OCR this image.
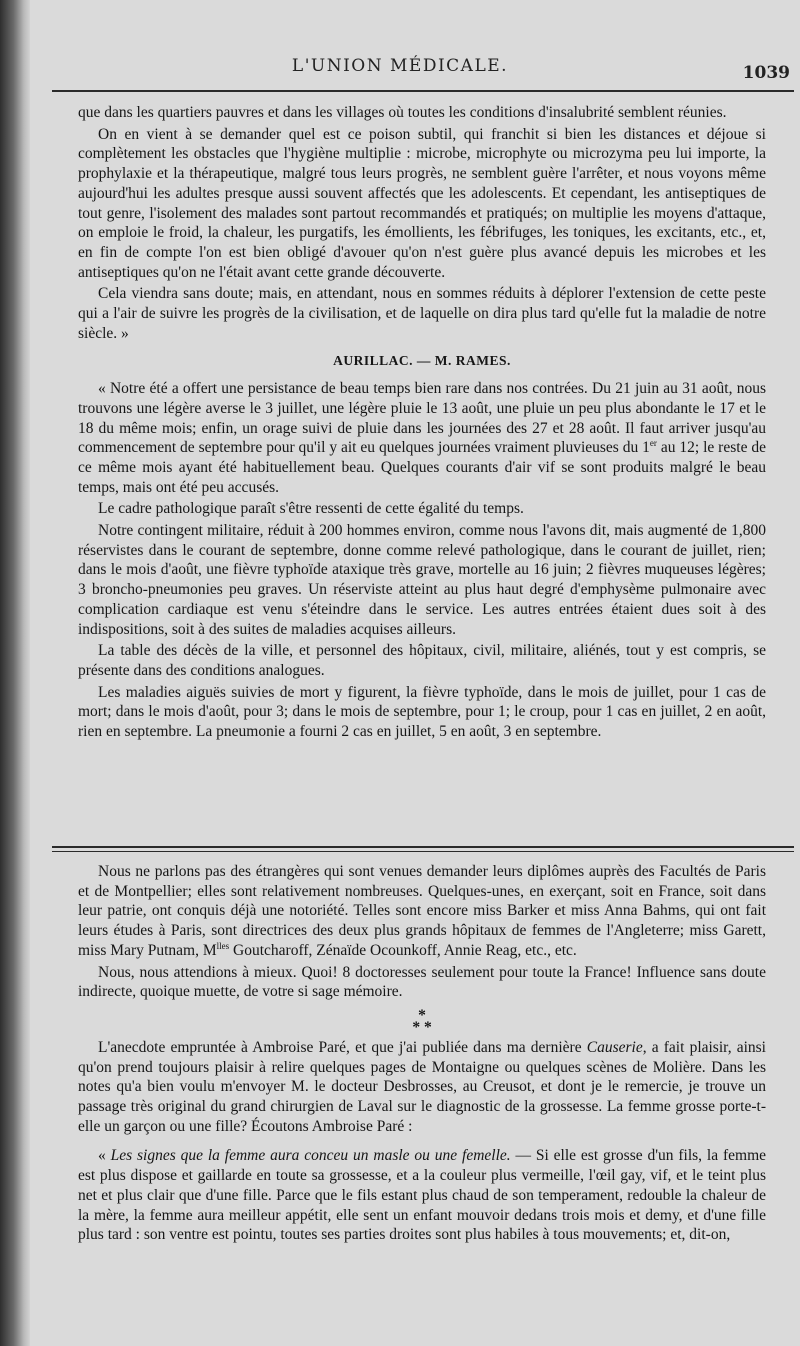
L'UNION MÉDICALE.	1039

que dans les quartiers pauvres et dans les villages où toutes les conditions d'insalubrité semblent réunies.

On en vient à se demander quel est ce poison subtil, qui franchit si bien les distances et déjoue si complètement les obstacles que l'hygiène multiplie : microbe, microphyte ou microzyma peu lui importe, la prophylaxie et la thérapeutique, malgré tous leurs progrès, ne semblent guère l'arrêter, et nous voyons même aujourd'hui les adultes presque aussi souvent affectés que les adolescents. Et cependant, les antiseptiques de tout genre, l'isolement des malades sont partout recommandés et pratiqués; on multiplie les moyens d'attaque, on emploie le froid, la chaleur, les purgatifs, les émollients, les fébrifuges, les toniques, les excitants, etc., et, en fin de compte l'on est bien obligé d'avouer qu'on n'est guère plus avancé depuis les microbes et les antiseptiques qu'on ne l'était avant cette grande découverte.

Cela viendra sans doute; mais, en attendant, nous en sommes réduits à déplorer l'extension de cette peste qui a l'air de suivre les progrès de la civilisation, et de laquelle on dira plus tard qu'elle fut la maladie de notre siècle. »

AURILLAC. — M. RAMES.

« Notre été a offert une persistance de beau temps bien rare dans nos contrées. Du 21 juin au 31 août, nous trouvons une légère averse le 3 juillet, une légère pluie le 13 août, une pluie un peu plus abondante le 17 et le 18 du même mois; enfin, un orage suivi de pluie dans les journées des 27 et 28 août. Il faut arriver jusqu'au commencement de septembre pour qu'il y ait eu quelques journées vraiment pluvieuses du 1er au 12; le reste de ce même mois ayant été habituellement beau. Quelques courants d'air vif se sont produits malgré le beau temps, mais ont été peu accusés.

Le cadre pathologique paraît s'être ressenti de cette égalité du temps.

Notre contingent militaire, réduit à 200 hommes environ, comme nous l'avons dit, mais augmenté de 1,800 réservistes dans le courant de septembre, donne comme relevé pathologique, dans le courant de juillet, rien; dans le mois d'août, une fièvre typhoïde ataxique très grave, mortelle au 16 juin; 2 fièvres muqueuses légères; 3 broncho-pneumonies peu graves. Un réserviste atteint au plus haut degré d'emphysème pulmonaire avec complication cardiaque est venu s'éteindre dans le service. Les autres entrées étaient dues soit à des indispositions, soit à des suites de maladies acquises ailleurs.

La table des décès de la ville, et personnel des hôpitaux, civil, militaire, aliénés, tout y est compris, se présente dans des conditions analogues.

Les maladies aiguës suivies de mort y figurent, la fièvre typhoïde, dans le mois de juillet, pour 1 cas de mort; dans le mois d'août, pour 3; dans le mois de septembre, pour 1; le croup, pour 1 cas en juillet, 2 en août, rien en septembre. La pneumonie a fourni 2 cas en juillet, 5 en août, 3 en septembre.

Nous ne parlons pas des étrangères qui sont venues demander leurs diplômes auprès des Facultés de Paris et de Montpellier; elles sont relativement nombreuses. Quelques-unes, en exerçant, soit en France, soit dans leur patrie, ont conquis déjà une notoriété. Telles sont encore miss Barker et miss Anna Bahms, qui ont fait leurs études à Paris, sont directrices des deux plus grands hôpitaux de femmes de l'Angleterre; miss Garett, miss Mary Putnam, $M^{lles}$ Goutcharoff, Zénaïde Ocounkoff, Annie Reag, etc., etc.

Nous, nous attendions à mieux. Quoi! 8 doctoresses seulement pour toute la France! Influence sans doute indirecte, quoique muette, de votre si sage mémoire.

*
* *

L'anecdote empruntée à Ambroise Paré, et que j'ai publiée dans ma dernière Causerie, a fait plaisir, ainsi qu'on prend toujours plaisir à relire quelques pages de Montaigne ou quelques scènes de Molière. Dans les notes qu'a bien voulu m'envoyer M. le docteur Desbrosses, au Creusot, et dont je le remercie, je trouve un passage très original du grand chirurgien de Laval sur le diagnostic de la grossesse. La femme grosse porte-t-elle un garçon ou une fille? Écoutons Ambroise Paré :

« Les signes que la femme aura conceu un masle ou une femelle. — Si elle est grosse d'un fils, la femme est plus dispose et gaillarde en toute sa grossesse, et a la couleur plus vermeille, l'œil gay, vif, et le teint plus net et plus clair que d'une fille. Parce que le fils estant plus chaud de son temperament, redouble la chaleur de la mère, la femme aura meilleur appétit, elle sent un enfant mouvoir dedans trois mois et demy, et d'une fille plus tard : son ventre est pointu, toutes ses parties droites sont plus habiles à tous mouvements; et, dit-on,
